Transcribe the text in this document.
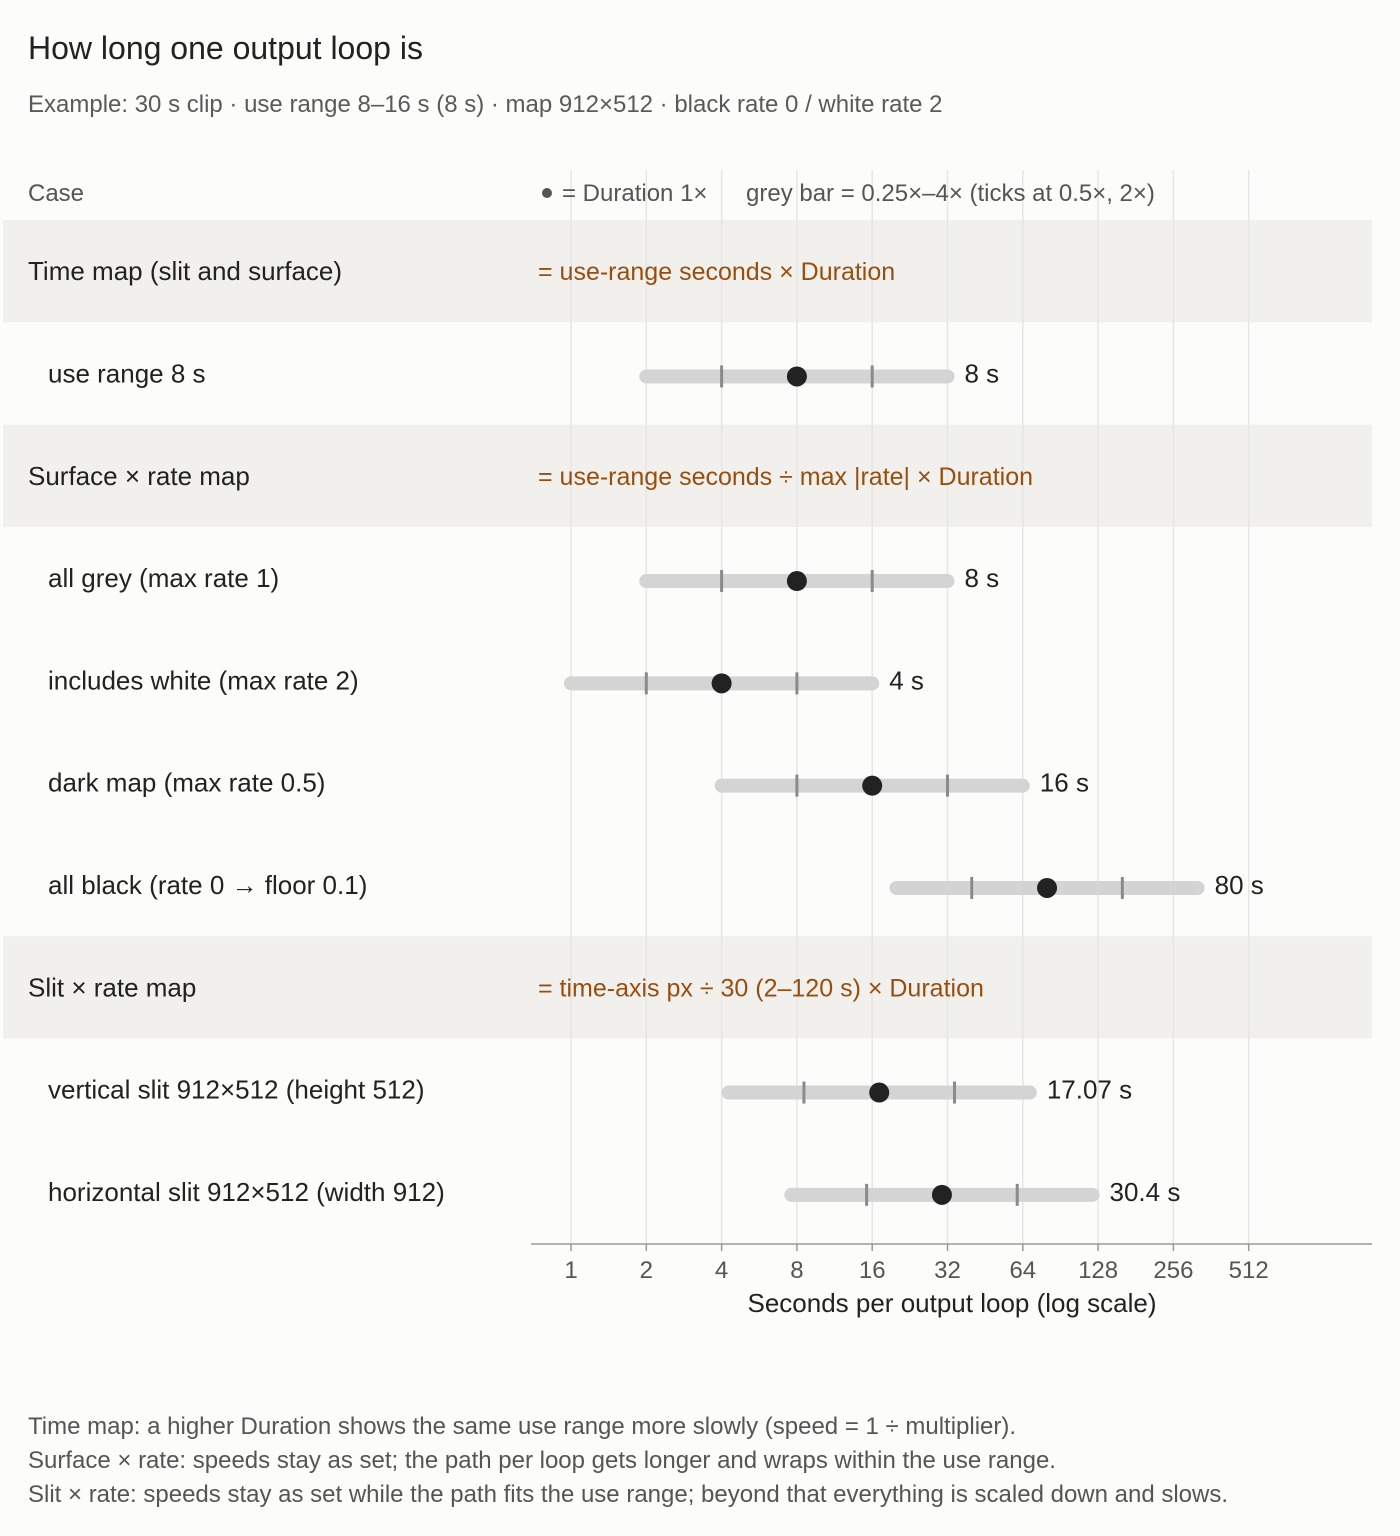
How long one output loop is
Example: 30 s clip · use range 8–16 s (8 s) · map 912×512 · black rate 0 / white rate 2
Case	= Duration 1× grey bar = 0.25×–4× (ticks at 0.5×, 2×)
Time map (slit and surface)	= use-range seconds × Duration
use range 8 s	8 s
Surface × rate map	= use-range seconds ÷ max |rate| × Duration
all grey (max rate 1)	8 s
includes white (max rate 2)	4 s
dark map (max rate 0.5)	16 s
all black (rate 0 → floor 0.1)	80 s
Slit × rate map	= time-axis px ÷ 30 (2–120 s) × Duration
vertical slit 912×512 (height 512)	17.07 s
horizontal slit 912×512 (width 912)	30.4 s
1	2	4	8 16 32 64 128 256 512
Seconds per output loop (log scale)
Time map: a higher Duration shows the same use range more slowly (speed = 1 ÷ multiplier).
Surface × rate: speeds stay as set; the path per loop gets longer and wraps within the use range.
Slit × rate: speeds stay as set while the path fits the use range; beyond that everything is scaled down and slows.
